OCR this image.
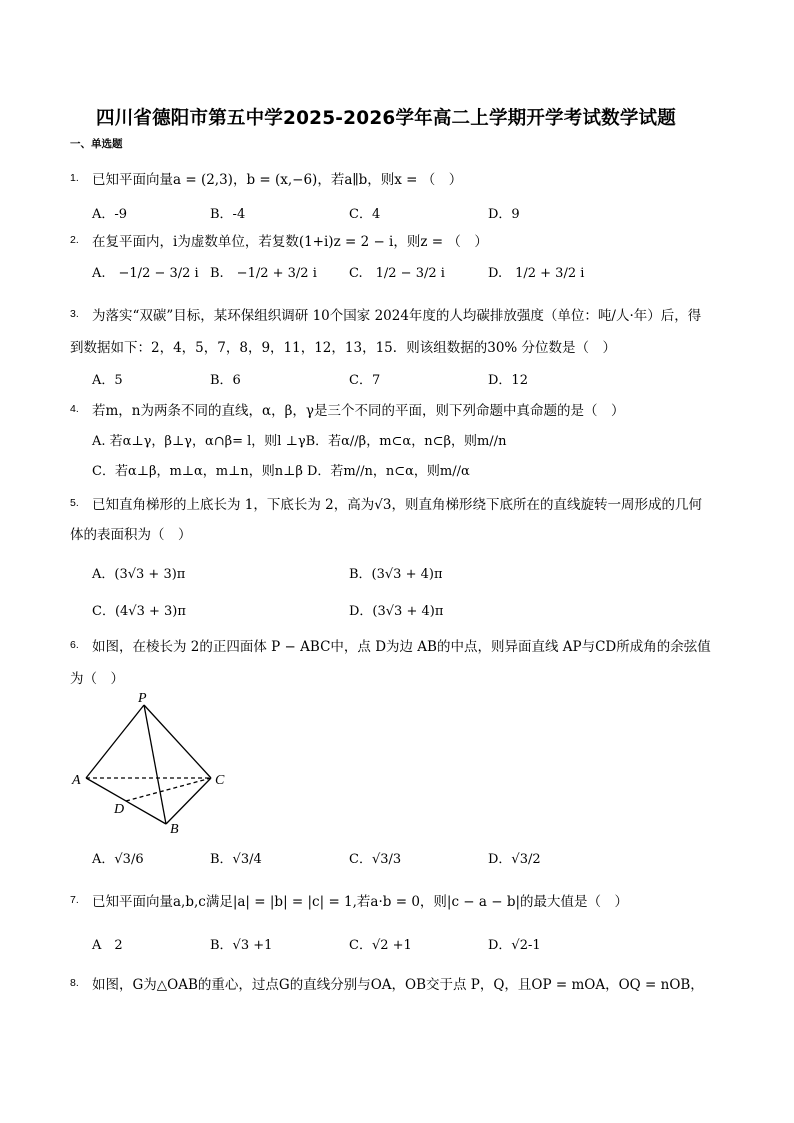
四川省德阳市第五中学2025-2026学年高二上学期开学考试数学试题
一、单选题
1. 已知平面向量a = (2,3)，b = (x,−6)，若a∥b，则x = （　）
A．-9	B．-4	C．4	D．9
2. 在复平面内，i为虚数单位，若复数(1+i)z = 2 − i，则z = （　）
A.　−1/2 − 3/2 i B.　−1/2 + 3/2 i C.　1/2 − 3/2 i	D.　1/2 + 3/2 i
3. 为落实“双碳”目标，某环保组织调研 10个国家 2024年度的人均碳排放强度（单位：吨/人·年）后，得
到数据如下：2，4，5，7，8，9，11，12，13，15．则该组数据的30% 分位数是（　）
A．5	B．6	C．7	D．12
4. 若m，n为两条不同的直线，α，β，γ是三个不同的平面，则下列命题中真命题的是（　）
A. 若α⊥γ，β⊥γ，α∩β= l，则l ⊥γB．若α//β，m⊂α，n⊂β，则m//n
C．若α⊥β，m⊥α，m⊥n，则n⊥β D．若m//n，n⊂α，则m//α
5. 已知直角梯形的上底长为 1，下底长为 2，高为√3，则直角梯形绕下底所在的直线旋转一周形成的几何
体的表面积为（　）
A．(3√3 + 3)π	B．(3√3 + 4)π
C．(4√3 + 3)π	D．(3√3 + 4)π
6. 如图，在棱长为 2的正四面体 P − ABC中，点 D为边 AB的中点，则异面直线 AP与CD所成角的余弦值
为（　）
P
A	C
D
B
A．√3/6	B．√3/4	C．√3/3	D．√3/2
7. 已知平面向量a,b,c满足|a| = |b| = |c| = 1,若a·b = 0，则|c − a − b|的最大值是（　）
A　2	B．√3 +1	C．√2 +1	D．√2-1
8. 如图，G为△OAB的重心，过点G的直线分别与OA，OB交于点 P，Q，且OP = mOA，OQ = nOB，
